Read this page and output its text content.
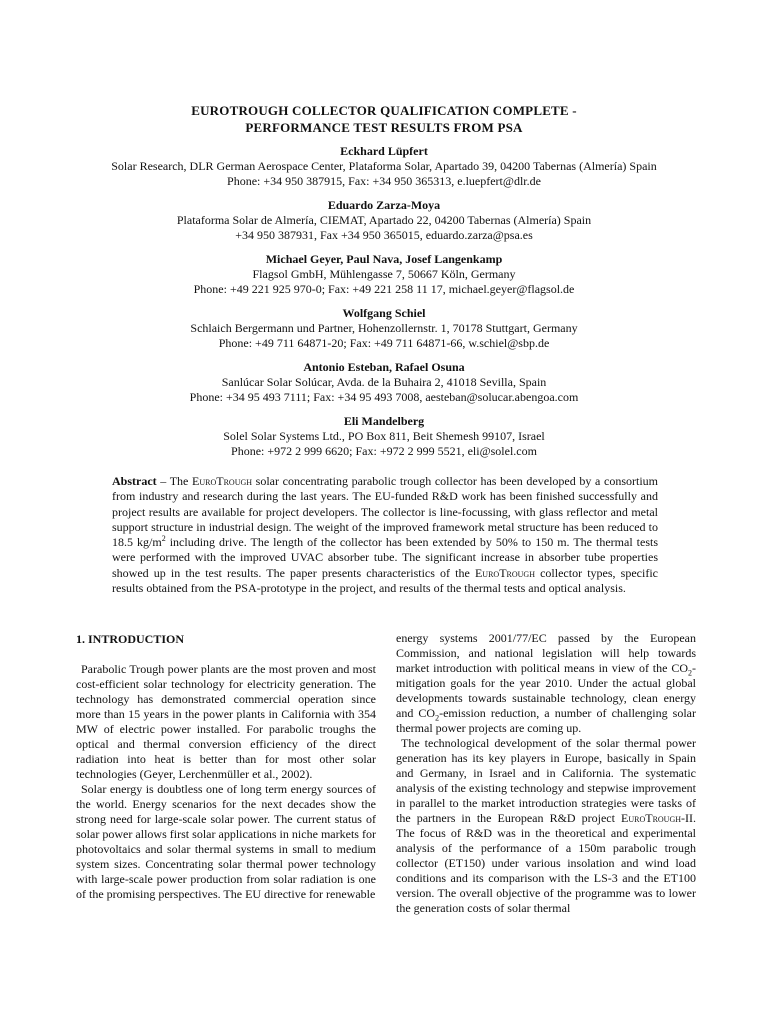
EUROTROUGH COLLECTOR QUALIFICATION COMPLETE -
PERFORMANCE TEST RESULTS FROM PSA
Eckhard Lüpfert
Solar Research, DLR German Aerospace Center, Plataforma Solar, Apartado 39, 04200 Tabernas (Almería) Spain
Phone: +34 950 387915, Fax: +34 950 365313, e.luepfert@dlr.de
Eduardo Zarza-Moya
Plataforma Solar de Almería, CIEMAT, Apartado 22, 04200 Tabernas (Almería) Spain
+34 950 387931, Fax +34 950 365015, eduardo.zarza@psa.es
Michael Geyer, Paul Nava, Josef Langenkamp
Flagsol GmbH, Mühlengasse 7, 50667 Köln, Germany
Phone: +49 221 925 970-0; Fax: +49 221 258 11 17, michael.geyer@flagsol.de
Wolfgang Schiel
Schlaich Bergermann und Partner, Hohenzollernstr. 1, 70178 Stuttgart, Germany
Phone: +49 711 64871-20; Fax: +49 711 64871-66, w.schiel@sbp.de
Antonio Esteban, Rafael Osuna
Sanlúcar Solar Solúcar, Avda. de la Buhaira 2, 41018 Sevilla, Spain
Phone: +34 95 493 7111; Fax: +34 95 493 7008, aesteban@solucar.abengoa.com
Eli Mandelberg
Solel Solar Systems Ltd., PO Box 811, Beit Shemesh 99107, Israel
Phone: +972 2 999 6620; Fax: +972 2 999 5521, eli@solel.com
Abstract – The EuroTrough solar concentrating parabolic trough collector has been developed by a consortium from industry and research during the last years. The EU-funded R&D work has been finished successfully and project results are available for project developers. The collector is line-focussing, with glass reflector and metal support structure in industrial design. The weight of the improved framework metal structure has been reduced to 18.5 $kg/m^2$ including drive. The length of the collector has been extended by 50% to 150 m. The thermal tests were performed with the improved UVAC absorber tube. The significant increase in absorber tube properties showed up in the test results. The paper presents characteristics of the EuroTrough collector types, specific results obtained from the PSA-prototype in the project, and results of the thermal tests and optical analysis.
1. INTRODUCTION

Parabolic Trough power plants are the most proven and most cost-efficient solar technology for electricity generation. The technology has demonstrated commercial operation since more than 15 years in the power plants in California with 354 MW of electric power installed. For parabolic troughs the optical and thermal conversion efficiency of the direct radiation into heat is better than for most other solar technologies (Geyer, Lerchenmüller et al., 2002).

Solar energy is doubtless one of long term energy sources of the world. Energy scenarios for the next decades show the strong need for large-scale solar power. The current status of solar power allows first solar applications in niche markets for photovoltaics and solar thermal systems in small to medium system sizes. Concentrating solar thermal power technology with large-scale power production from solar radiation is one of the promising perspectives. The EU directive for renewable

energy systems 2001/77/EC passed by the European Commission, and national legislation will help towards market introduction with political means in view of the $CO_2$-mitigation goals for the year 2010. Under the actual global developments towards sustainable technology, clean energy and $CO_2$-emission reduction, a number of challenging solar thermal power projects are coming up.

The technological development of the solar thermal power generation has its key players in Europe, basically in Spain and Germany, in Israel and in California. The systematic analysis of the existing technology and stepwise improvement in parallel to the market introduction strategies were tasks of the partners in the European R&D project EuroTrough-II. The focus of R&D was in the theoretical and experimental analysis of the performance of a 150m parabolic trough collector (ET150) under various insolation and wind load conditions and its comparison with the LS-3 and the ET100 version. The overall objective of the programme was to lower the generation costs of solar thermal
